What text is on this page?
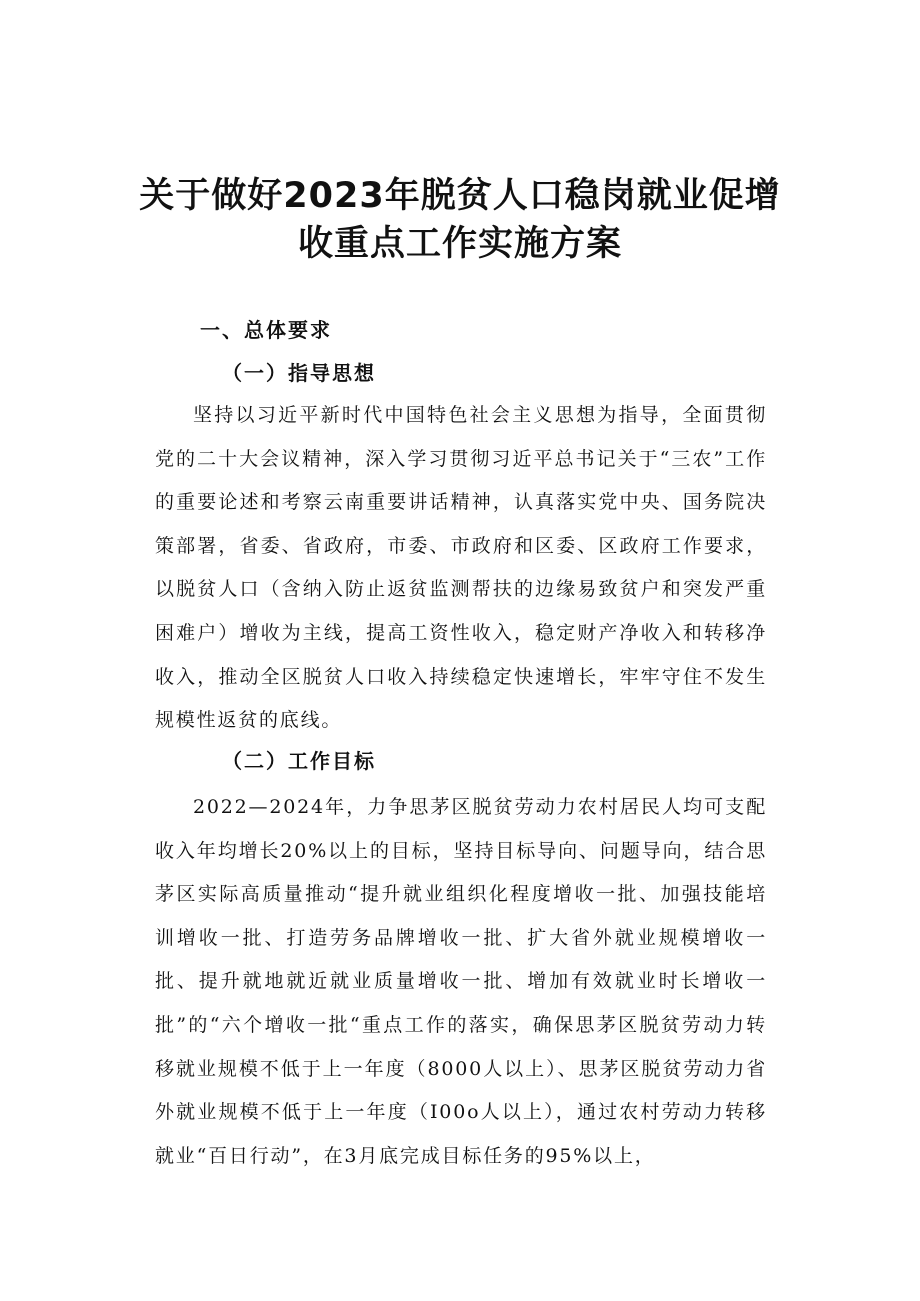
关于做好2023年脱贫人口稳岗就业促增
收重点工作实施方案
一、总体要求
（一）指导思想

坚持以习近平新时代中国特色社会主义思想为指导，全面贯彻党的二十大会议精神，深入学习贯彻习近平总书记关于“三农”工作的重要论述和考察云南重要讲话精神，认真落实党中央、国务院决策部署，省委、省政府，市委、市政府和区委、区政府工作要求，以脱贫人口（含纳入防止返贫监测帮扶的边缘易致贫户和突发严重困难户）增收为主线，提高工资性收入，稳定财产净收入和转移净收入，推动全区脱贫人口收入持续稳定快速增长，牢牢守住不发生规模性返贫的底线。

（二）工作目标

2022—2024年，力争思茅区脱贫劳动力农村居民人均可支配收入年均增长20%以上的目标，坚持目标导向、问题导向，结合思茅区实际高质量推动“提升就业组织化程度增收一批、加强技能培训增收一批、打造劳务品牌增收一批、扩大省外就业规模增收一批、提升就地就近就业质量增收一批、增加有效就业时长增收一批”的“六个增收一批“重点工作的落实，确保思茅区脱贫劳动力转移就业规模不低于上一年度（8000人以上）、思茅区脱贫劳动力省外就业规模不低于上一年度（I00o人以上），通过农村劳动力转移就业“百日行动”，在3月底完成目标任务的95%以上，
